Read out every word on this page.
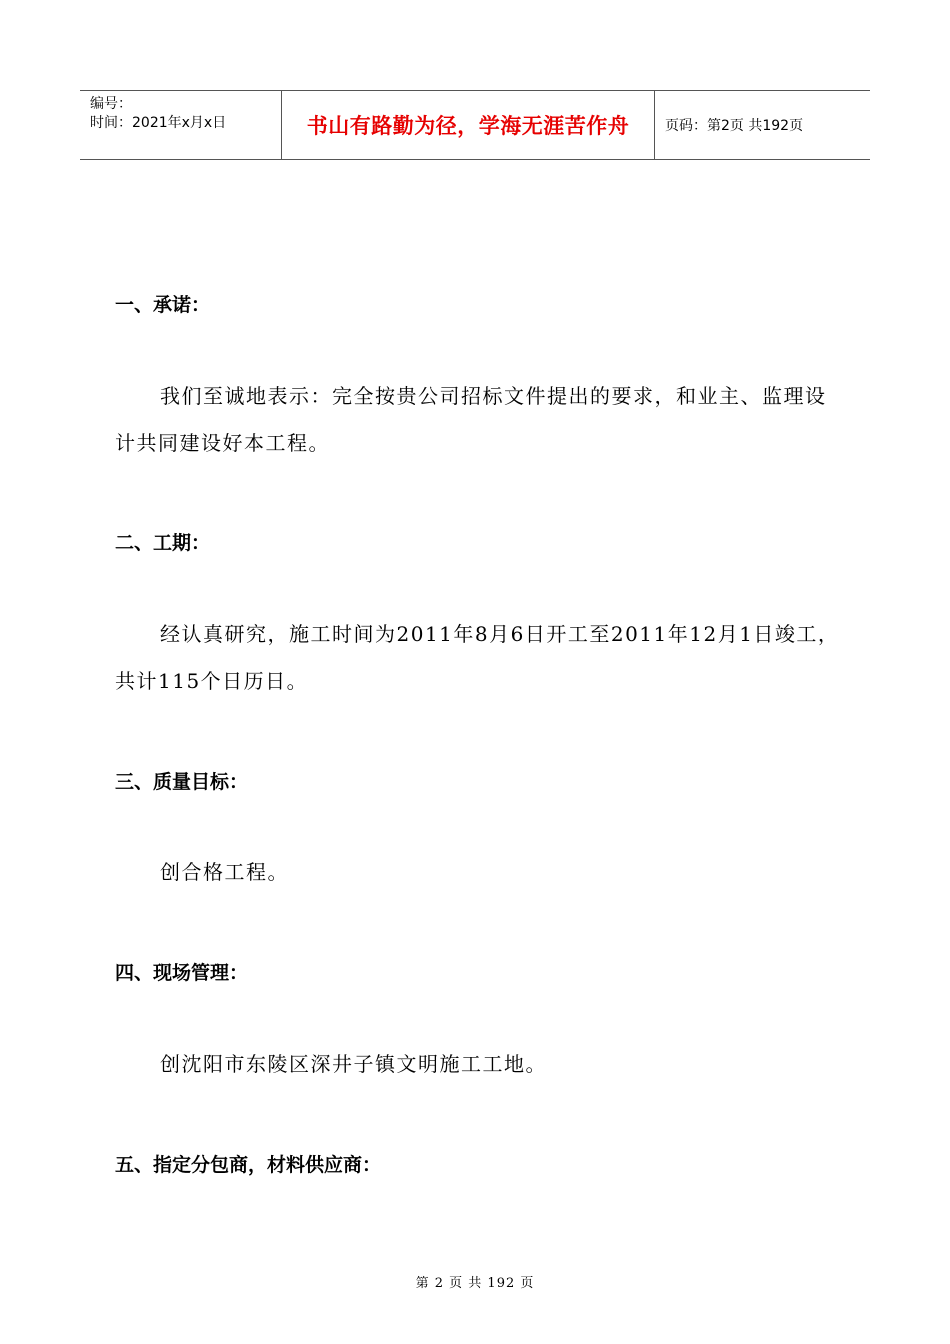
编号：
时间：2021年x月x日	书山有路勤为径，学海无涯苦作舟	页码：第2页 共192页
一、承诺：
我们至诚地表示：完全按贵公司招标文件提出的要求，和业主、监理设计共同建设好本工程。
二、工期：
经认真研究，施工时间为2011年8月6日开工至2011年12月1日竣工，共计115个日历日。
三、质量目标：
创合格工程。
四、现场管理：
创沈阳市东陵区深井子镇文明施工工地。
五、指定分包商，材料供应商：
第 2 页 共 192 页
